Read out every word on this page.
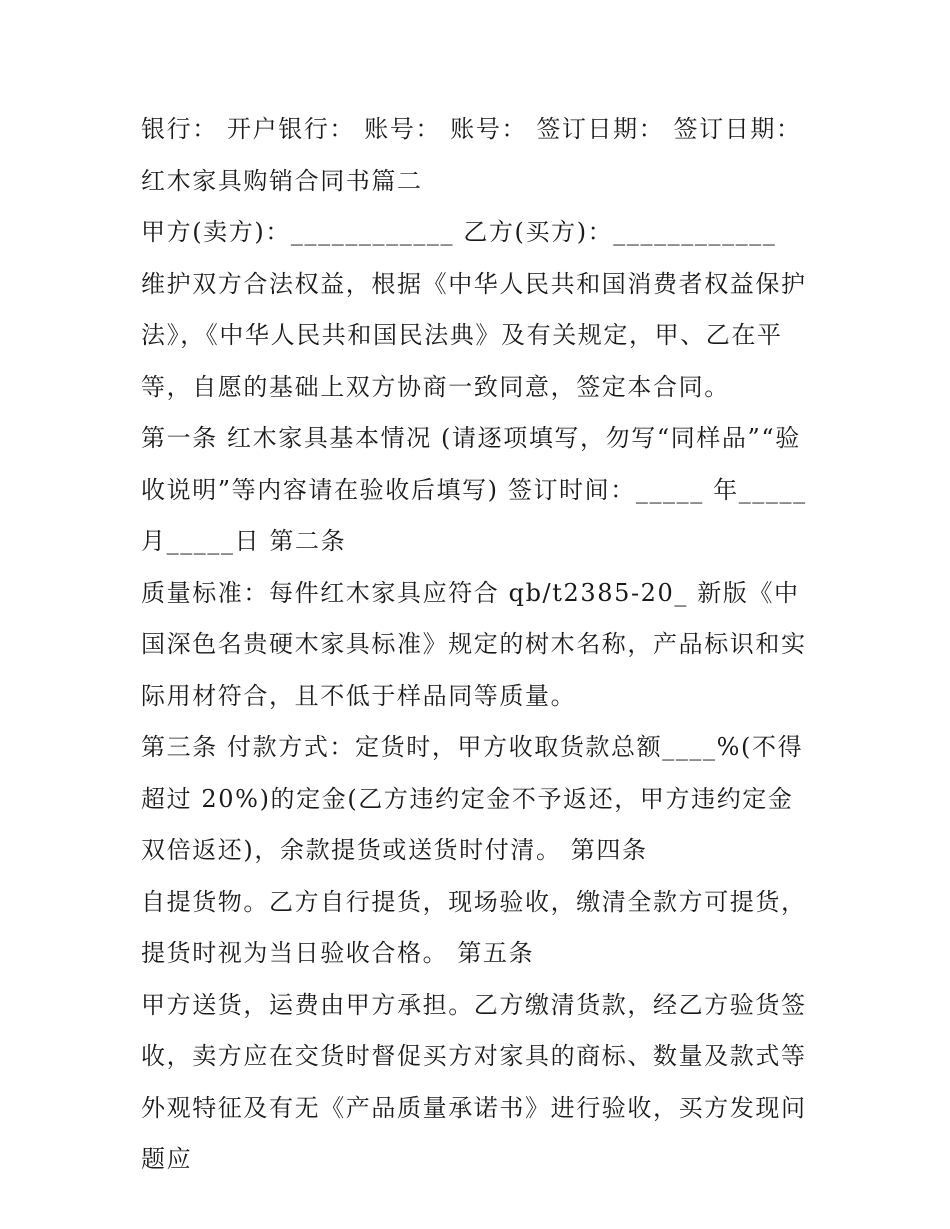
银行： 开户银行： 账号： 账号： 签订日期： 签订日期： 红木家具购销合同书篇二

甲方(卖方)：____________ 乙方(买方)：____________

维护双方合法权益，根据《中华人民共和国消费者权益保护法》，《中华人民共和国民法典》及有关规定，甲、乙在平等，自愿的基础上双方协商一致同意，签定本合同。

第一条 红木家具基本情况 (请逐项填写，勿写“同样品”“验收说明”等内容请在验收后填写) 签订时间：_____ 年_____月_____日 第二条

质量标准：每件红木家具应符合 qb/t2385-20_ 新版《中国深色名贵硬木家具标准》规定的树木名称，产品标识和实际用材符合，且不低于样品同等质量。

第三条 付款方式：定货时，甲方收取货款总额____%(不得超过 20%)的定金(乙方违约定金不予返还，甲方违约定金双倍返还)，余款提货或送货时付清。 第四条

自提货物。乙方自行提货，现场验收，缴清全款方可提货，提货时视为当日验收合格。 第五条

甲方送货，运费由甲方承担。乙方缴清货款，经乙方验货签收，卖方应在交货时督促买方对家具的商标、数量及款式等外观特征及有无《产品质量承诺书》进行验收，买方发现问题应
